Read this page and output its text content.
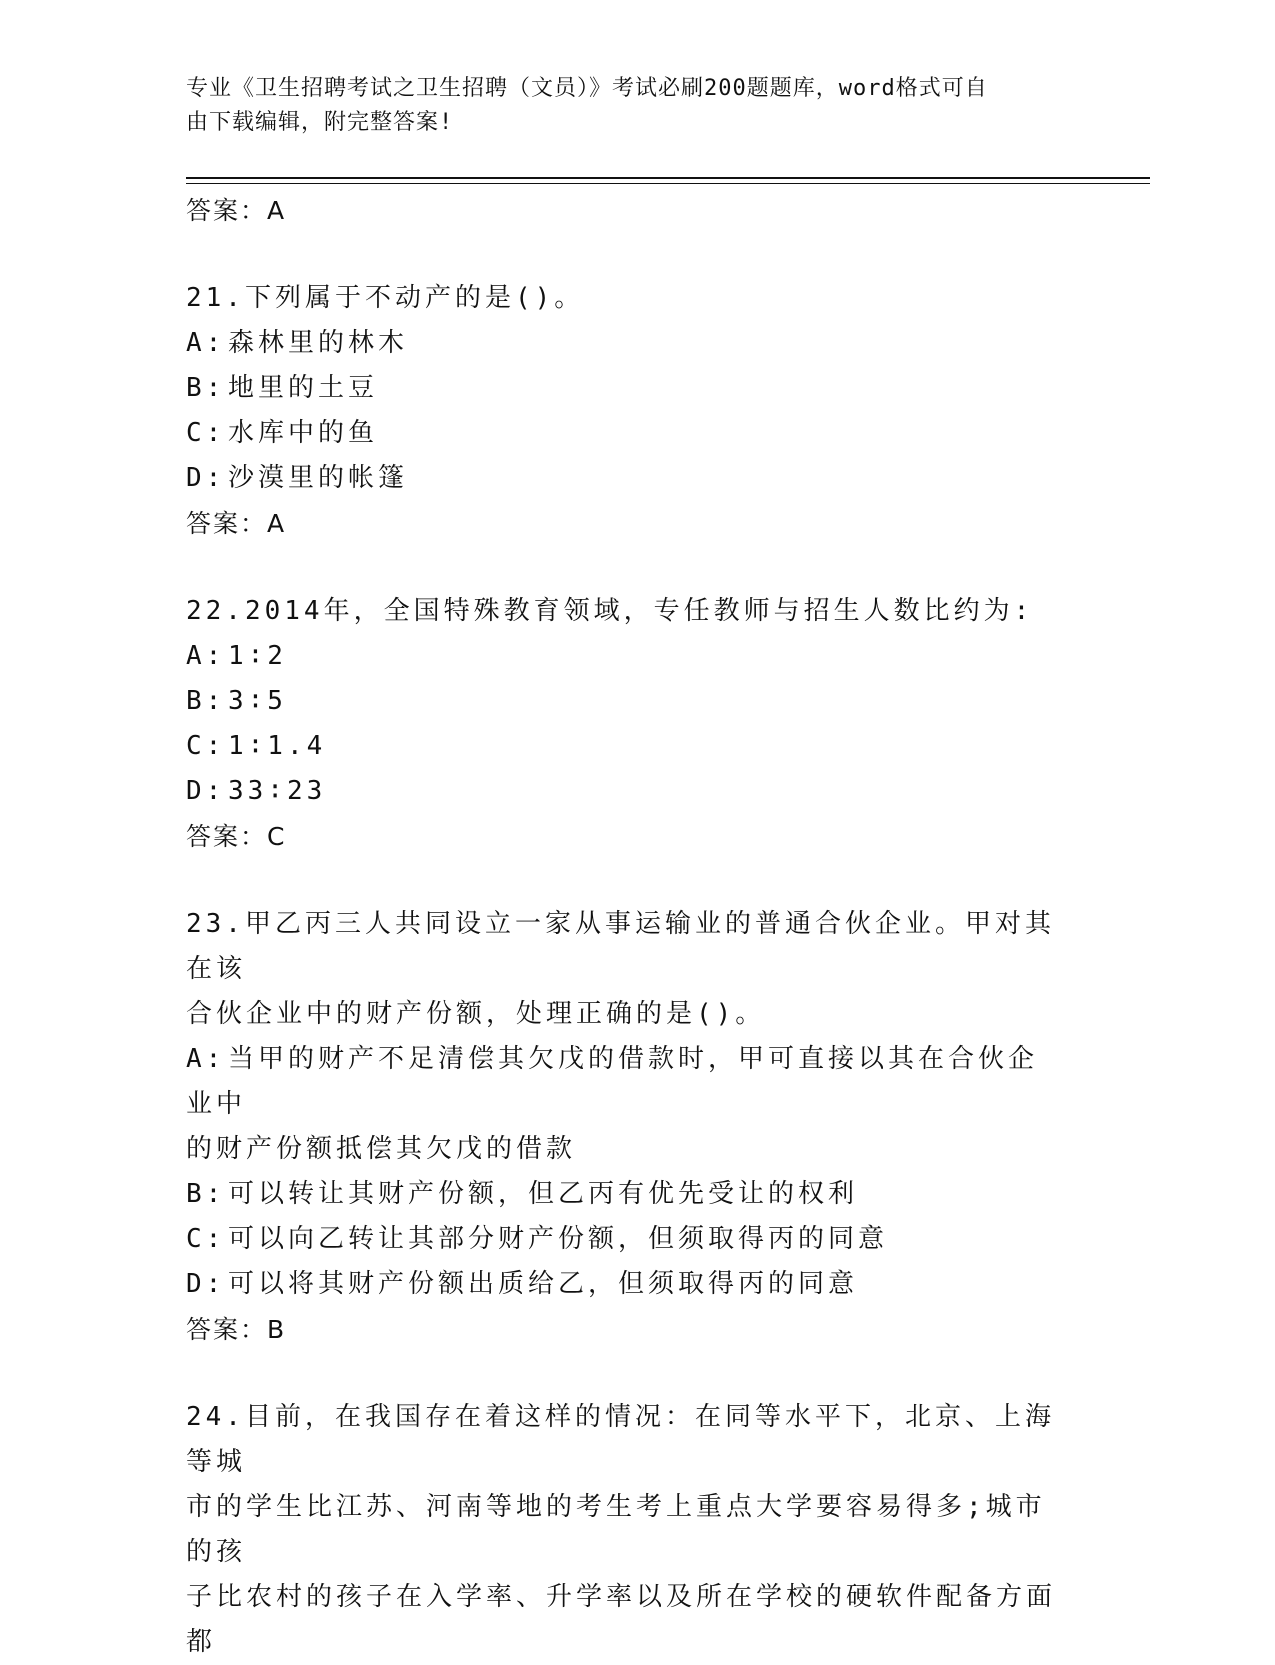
专业《卫生招聘考试之卫生招聘（文员）》考试必刷200题题库，word格式可自
由下载编辑，附完整答案!
答案：A
21.下列属于不动产的是()。
A: 森林里的林木
B: 地里的土豆
C: 水库中的鱼
D: 沙漠里的帐篷
答案：A
22.2014年，全国特殊教育领域，专任教师与招生人数比约为:
A: 1∶2
B: 3∶5
C: 1∶1.4
D: 33∶23
答案：C
23.甲乙丙三人共同设立一家从事运输业的普通合伙企业。甲对其在该
合伙企业中的财产份额，处理正确的是()。
A: 当甲的财产不足清偿其欠戊的借款时，甲可直接以其在合伙企业中
的财产份额抵偿其欠戊的借款
B: 可以转让其财产份额，但乙丙有优先受让的权利
C: 可以向乙转让其部分财产份额，但须取得丙的同意
D: 可以将其财产份额出质给乙，但须取得丙的同意
答案：B
24.目前，在我国存在着这样的情况：在同等水平下，北京、上海等城
市的学生比江苏、河南等地的考生考上重点大学要容易得多;城市的孩
子比农村的孩子在入学率、升学率以及所在学校的硬软件配备方面都
